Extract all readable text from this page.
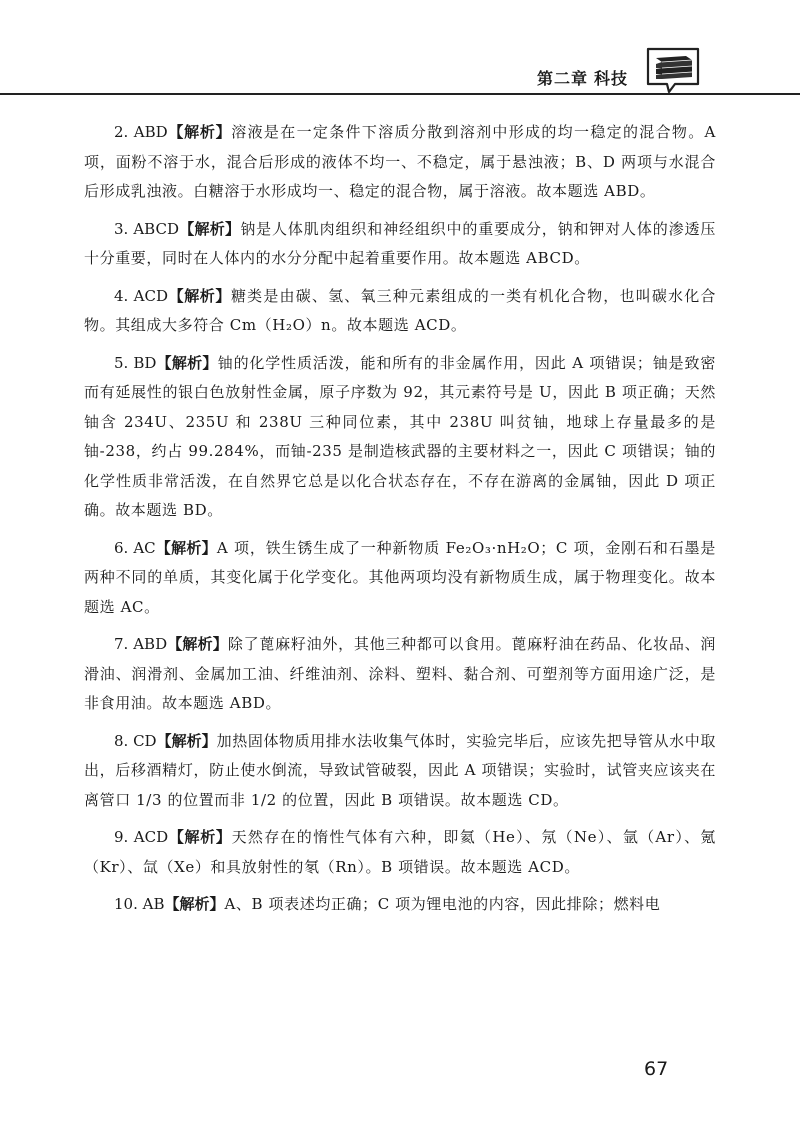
第二章 科技

2. ABD【解析】溶液是在一定条件下溶质分散到溶剂中形成的均一稳定的混合物。A 项，面粉不溶于水，混合后形成的液体不均一、不稳定，属于悬浊液；B、D 两项与水混合后形成乳浊液。白糖溶于水形成均一、稳定的混合物，属于溶液。故本题选 ABD。

3. ABCD【解析】钠是人体肌肉组织和神经组织中的重要成分，钠和钾对人体的渗透压十分重要，同时在人体内的水分分配中起着重要作用。故本题选 ABCD。

4. ACD【解析】糖类是由碳、氢、氧三种元素组成的一类有机化合物，也叫碳水化合物。其组成大多符合 Cm（H₂O）n。故本题选 ACD。

5. BD【解析】铀的化学性质活泼，能和所有的非金属作用，因此 A 项错误；铀是致密而有延展性的银白色放射性金属，原子序数为 92，其元素符号是 U，因此 B 项正确；天然铀含 234U、235U 和 238U 三种同位素，其中 238U 叫贫铀，地球上存量最多的是铀-238，约占 99.284%，而铀-235 是制造核武器的主要材料之一，因此 C 项错误；铀的化学性质非常活泼，在自然界它总是以化合状态存在，不存在游离的金属铀，因此 D 项正确。故本题选 BD。

6. AC【解析】A 项，铁生锈生成了一种新物质 Fe₂O₃·nH₂O；C 项，金刚石和石墨是两种不同的单质，其变化属于化学变化。其他两项均没有新物质生成，属于物理变化。故本题选 AC。

7. ABD【解析】除了蓖麻籽油外，其他三种都可以食用。蓖麻籽油在药品、化妆品、润滑油、润滑剂、金属加工油、纤维油剂、涂料、塑料、黏合剂、可塑剂等方面用途广泛，是非食用油。故本题选 ABD。

8. CD【解析】加热固体物质用排水法收集气体时，实验完毕后，应该先把导管从水中取出，后移酒精灯，防止使水倒流，导致试管破裂，因此 A 项错误；实验时，试管夹应该夹在离管口 1/3 的位置而非 1/2 的位置，因此 B 项错误。故本题选 CD。

9. ACD【解析】天然存在的惰性气体有六种，即氦（He）、氖（Ne）、氩（Ar）、氪（Kr）、氙（Xe）和具放射性的氡（Rn）。B 项错误。故本题选 ACD。

10. AB【解析】A、B 项表述均正确；C 项为锂电池的内容，因此排除；燃料电

67
